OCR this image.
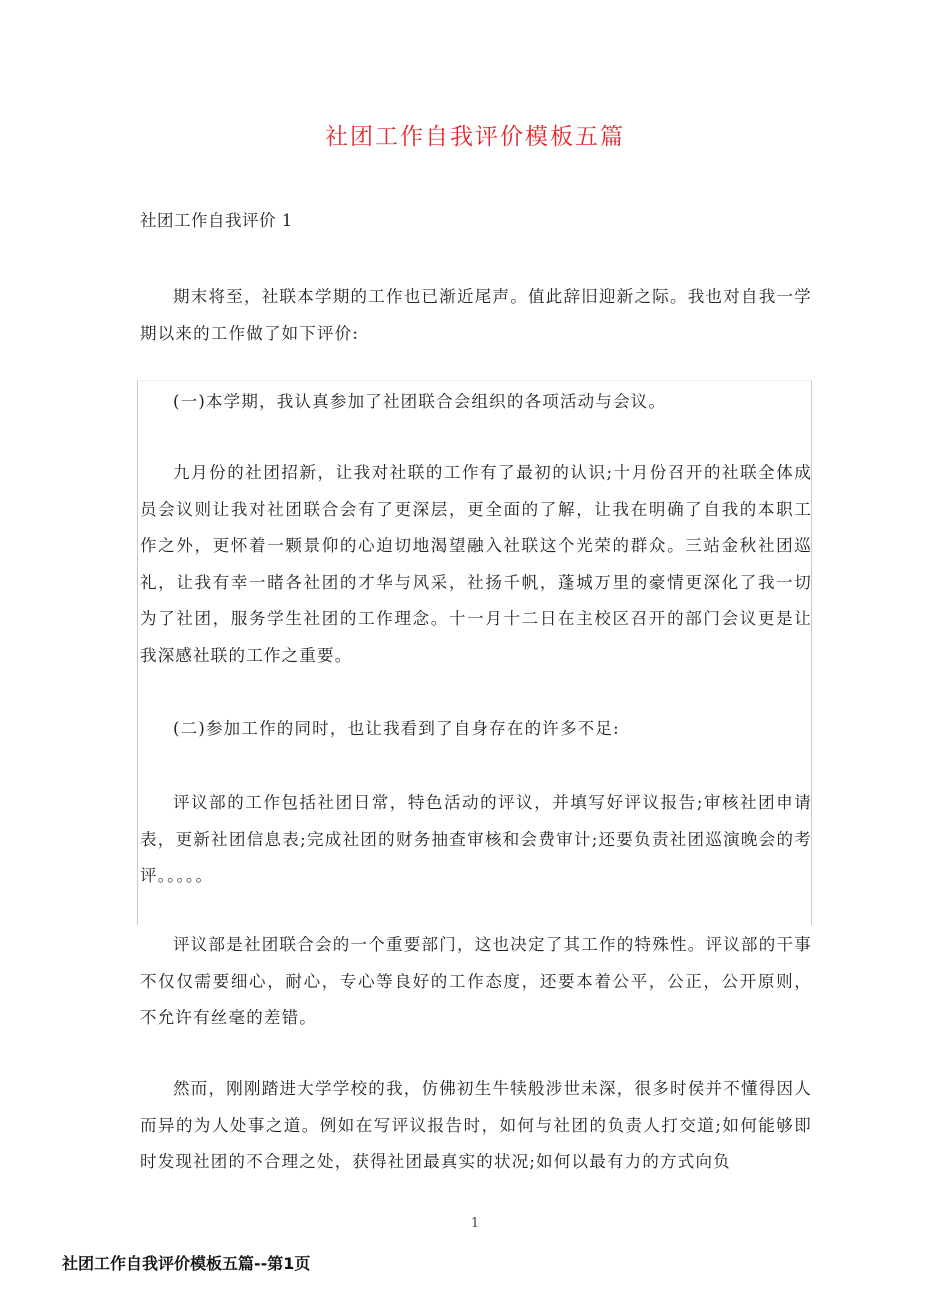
社团工作自我评价模板五篇
社团工作自我评价 1

期末将至，社联本学期的工作也已渐近尾声。值此辞旧迎新之际。我也对自我一学期以来的工作做了如下评价:

(一)本学期，我认真参加了社团联合会组织的各项活动与会议。

九月份的社团招新，让我对社联的工作有了最初的认识;十月份召开的社联全体成员会议则让我对社团联合会有了更深层，更全面的了解，让我在明确了自我的本职工作之外，更怀着一颗景仰的心迫切地渴望融入社联这个光荣的群众。三站金秋社团巡礼，让我有幸一睹各社团的才华与风采，社扬千帆，蓬城万里的豪情更深化了我一切为了社团，服务学生社团的工作理念。十一月十二日在主校区召开的部门会议更是让我深感社联的工作之重要。

(二)参加工作的同时，也让我看到了自身存在的许多不足:

评议部的工作包括社团日常，特色活动的评议，并填写好评议报告;审核社团申请表，更新社团信息表;完成社团的财务抽查审核和会费审计;还要负责社团巡演晚会的考评。。。。。

评议部是社团联合会的一个重要部门，这也决定了其工作的特殊性。评议部的干事不仅仅需要细心，耐心，专心等良好的工作态度，还要本着公平，公正，公开原则，不允许有丝毫的差错。

然而，刚刚踏进大学学校的我，仿佛初生牛犊般涉世未深，很多时侯并不懂得因人而异的为人处事之道。例如在写评议报告时，如何与社团的负责人打交道;如何能够即时发现社团的不合理之处，获得社团最真实的状况;如何以最有力的方式向负

1
社团工作自我评价模板五篇--第1页
